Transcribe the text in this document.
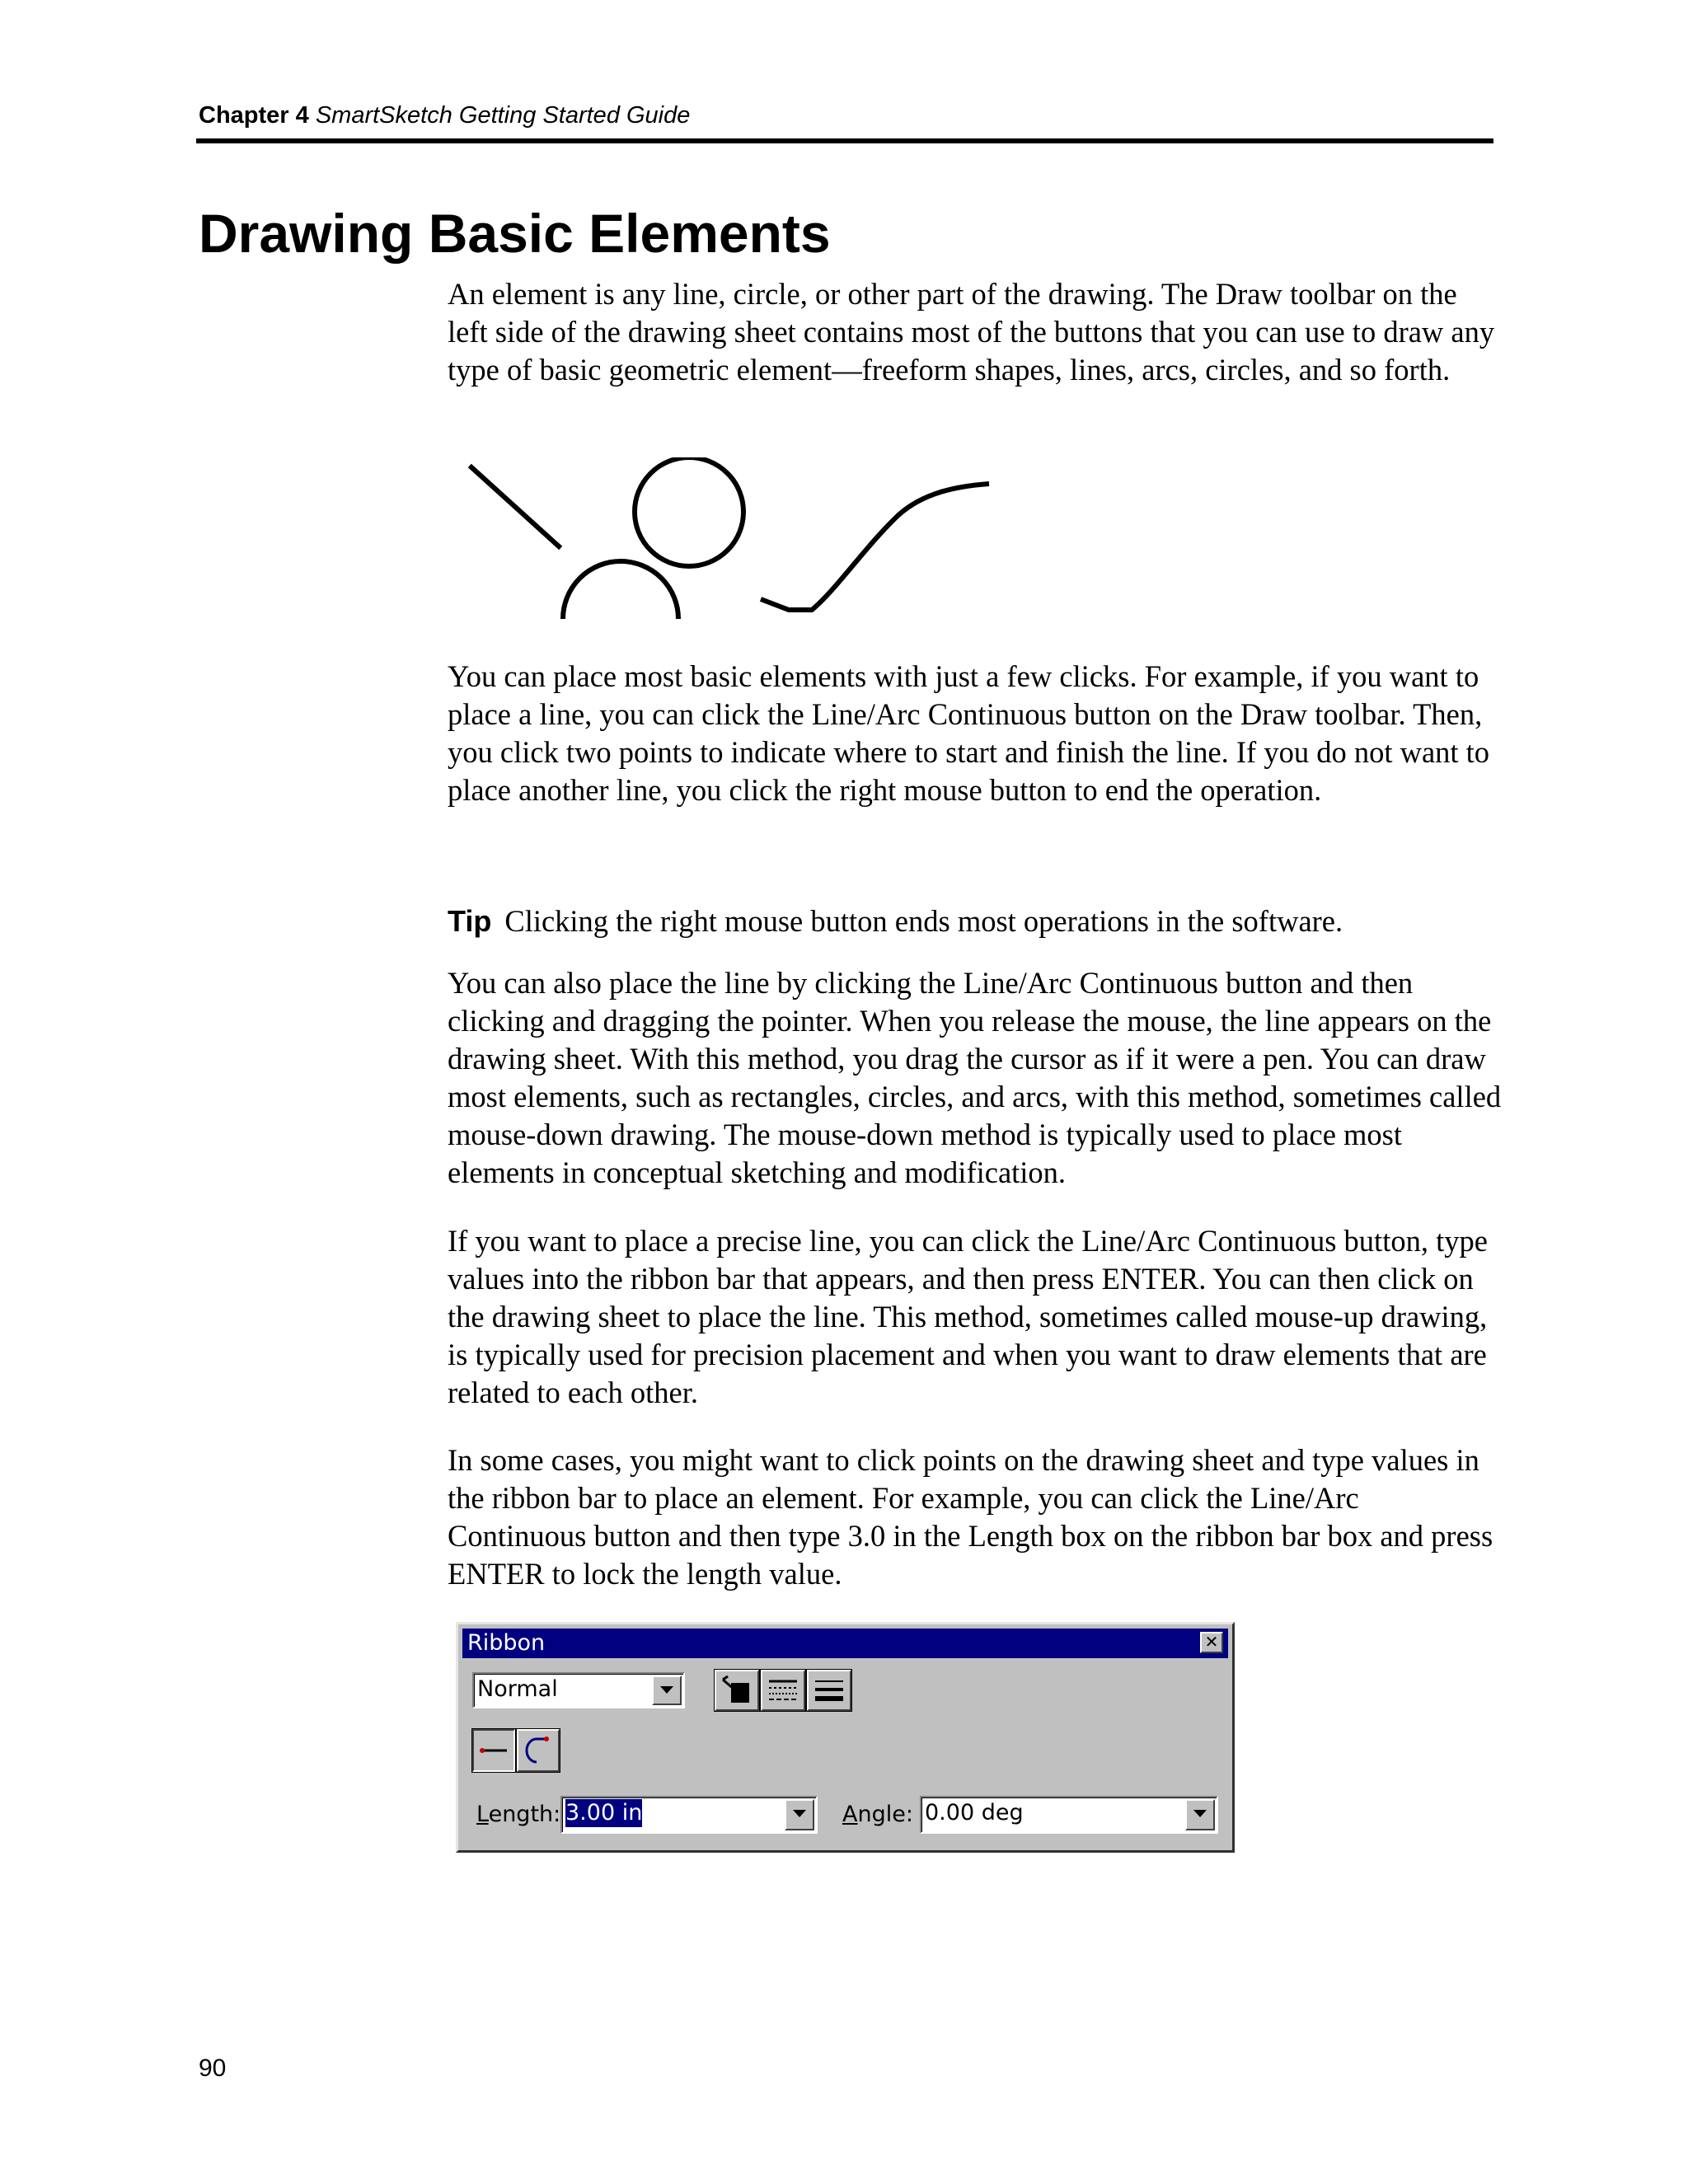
Chapter 4 SmartSketch Getting Started Guide
Drawing Basic Elements

An element is any line, circle, or other part of the drawing. The Draw toolbar on the left side of the drawing sheet contains most of the buttons that you can use to draw any type of basic geometric element—freeform shapes, lines, arcs, circles, and so forth.

You can place most basic elements with just a few clicks. For example, if you want to place a line, you can click the Line/Arc Continuous button on the Draw toolbar. Then, you click two points to indicate where to start and finish the line. If you do not want to place another line, you click the right mouse button to end the operation.

Tip Clicking the right mouse button ends most operations in the software.

You can also place the line by clicking the Line/Arc Continuous button and then clicking and dragging the pointer. When you release the mouse, the line appears on the drawing sheet. With this method, you drag the cursor as if it were a pen. You can draw most elements, such as rectangles, circles, and arcs, with this method, sometimes called mouse-down drawing. The mouse-down method is typically used to place most elements in conceptual sketching and modification.

If you want to place a precise line, you can click the Line/Arc Continuous button, type values into the ribbon bar that appears, and then press ENTER. You can then click on the drawing sheet to place the line. This method, sometimes called mouse-up drawing, is typically used for precision placement and when you want to draw elements that are related to each other.

In some cases, you might want to click points on the drawing sheet and type values in the ribbon bar to place an element. For example, you can click the Line/Arc Continuous button and then type 3.0 in the Length box on the ribbon bar box and press ENTER to lock the length value.

Ribbon	✕
Normal
Length: 3.00 in	Angle: 0.00 deg
90
